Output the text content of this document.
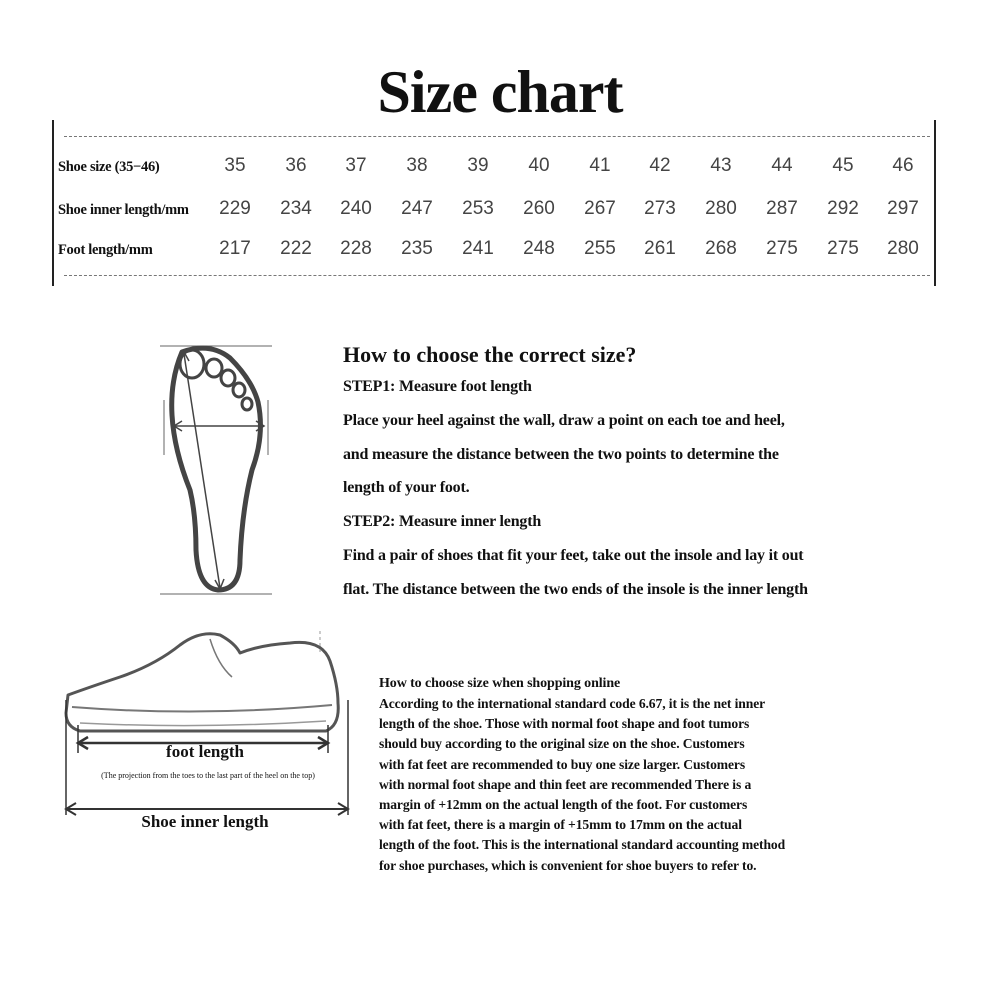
Size chart
Shoe size (35−46)	35	36	37	38	39	40	41	42	43	44	45	46
Shoe inner length/mm	229	234	240	247	253	260	267	273	280	287	292	297
Foot length/mm	217	222	228	235	241	248	255	261	268	275	275	280
How to choose the correct size?

STEP1: Measure foot length

Place your heel against the wall, draw a point on each toe and heel,

and measure the distance between the two points to determine the

length of your foot.

STEP2: Measure inner length

Find a pair of shoes that fit your feet, take out the insole and lay it out

flat. The distance between the two ends of the insole is the inner length

foot length
(The projection from the toes to the last part of the heel on the top)
Shoe inner length

How to choose size when shopping online

According to the international standard code 6.67, it is the net inner

length of the shoe. Those with normal foot shape and foot tumors

should buy according to the original size on the shoe. Customers

with fat feet are recommended to buy one size larger. Customers

with normal foot shape and thin feet are recommended There is a

margin of +12mm on the actual length of the foot. For customers

with fat feet, there is a margin of +15mm to 17mm on the actual

length of the foot. This is the international standard accounting method

for shoe purchases, which is convenient for shoe buyers to refer to.
